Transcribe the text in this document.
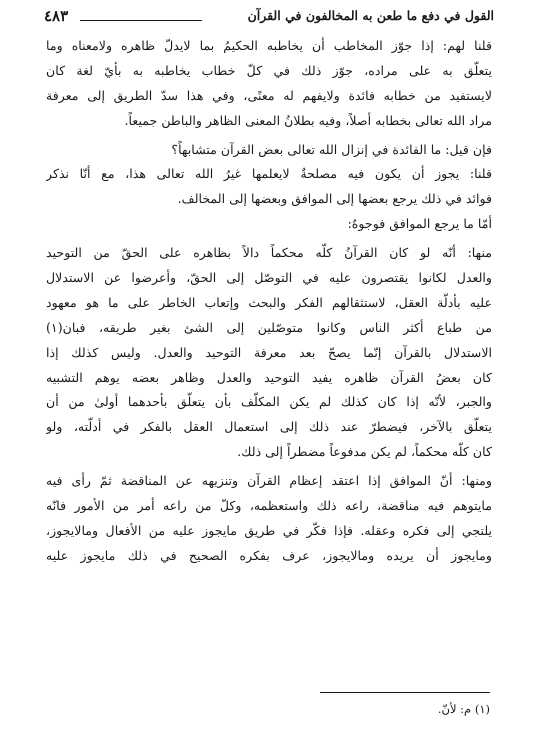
القول في دفع ما طعن به المخالفون في القرآن
٤٨٣
قلنا لهم: إذا جوّز المخاطب أن يخاطبه الحكيمُ بما لايدلّ ظاهره ولامعناه وما
يتعلّق به على مراده، جوّز ذلك في كلّ خطاب يخاطبه به بأيّ لغة كان
لايستفيد من خطابه فائدة ولايفهم له معنًى، وفي هذا سدّ الطريق إلى معرفة
مراد الله تعالى بخطابه أصلاً، وفيه بطلانُ المعنى الظاهر والباطن جميعاً.
فإن قيل: ما الفائدة في إنزال الله تعالى بعض القرآن متشابهاً؟
قلنا: يجوز أن يكون فيه مصلحةٌ لايعلمها غيرُ الله تعالى هذا، مع أنّا نذكر
فوائد في ذلك يرجع بعضها إلى الموافق وبعضها إلى المخالف.
أمّا ما يرجع الموافق فوجوهٌ:
منها: أنّه لو كان القرآنُ كلّه محكماً دالاً بظاهره على الحقّ من التوحيد
والعدل لكانوا يقتصرون عليه في التوصّل إلى الحقّ، وأعرضوا عن الاستدلال
عليه بأدلّة العقل، لاستثقالهم الفكر والبحث وإتعاب الخاطر على ما هو معهود
من طباع أكثر الناس وكانوا متوصّلين إلى الشئ بغير طريقه، فبان(١)
الاستدلال بالقرآن إنّما يصحّ بعد معرفة التوحيد والعدل. وليس كذلك إذا
كان بعضُ القرآن ظاهره يفيد التوحيد والعدل وظاهر بعضه يوهم التشبيه
والجبر، لأنّه إذا كان كذلك لم يكن المكلّف بأن يتعلّق بأحدهما أولىٰ من أن
يتعلّق بالآخر، فيضطرّ عند ذلك إلى استعمال العقل بالفكر في أدلّته، ولو
كان كلّه محكماً، لم يكن مدفوعاً مضطراً إلى ذلك.
ومنها: أنّ الموافق إذا اعتقد إعظام القرآن وتنزيهه عن المناقضة ثمّ رأى فيه
مايتوهم فيه مناقضة، راعه ذلك واستعظمه، وكلّ من راعه أمر من الأمور فانّه
يلتجي إلى فكره وعقله. فإذا فكّر في طريق مايجوز عليه من الأفعال ومالايجوز،
ومايجوز أن يريده ومالايجوز، عرف بفكره الصحيح في ذلك مايجوز عليه
(١) م: لأنّ.
